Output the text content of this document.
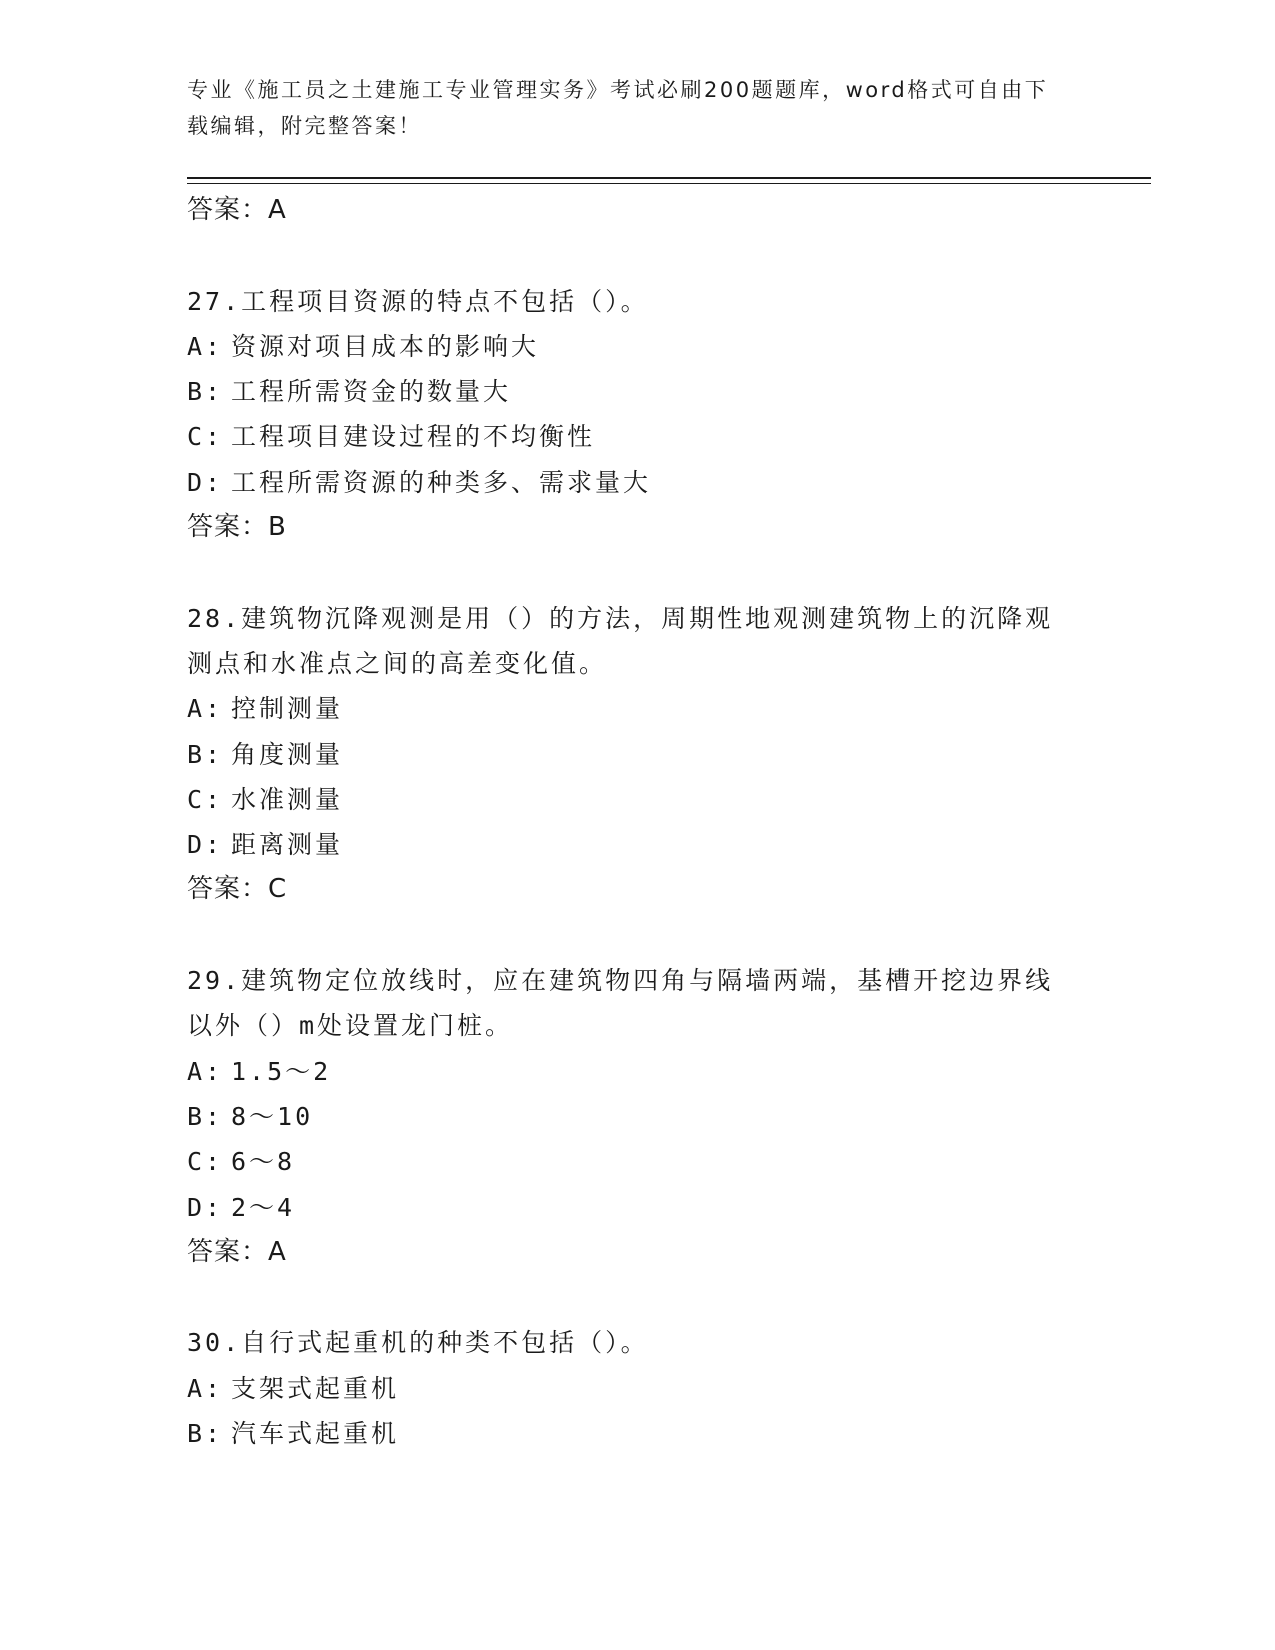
专业《施工员之土建施工专业管理实务》考试必刷200题题库，word格式可自由下载编辑，附完整答案！
答案：A
27.工程项目资源的特点不包括（）。
A: 资源对项目成本的影响大
B: 工程所需资金的数量大
C: 工程项目建设过程的不均衡性
D: 工程所需资源的种类多、需求量大
答案：B
28.建筑物沉降观测是用（）的方法，周期性地观测建筑物上的沉降观
测点和水准点之间的高差变化值。
A: 控制测量
B: 角度测量
C: 水准测量
D: 距离测量
答案：C
29.建筑物定位放线时，应在建筑物四角与隔墙两端，基槽开挖边界线
以外（）m处设置龙门桩。
A: 1.5～2
B: 8～10
C: 6～8
D: 2～4
答案：A
30.自行式起重机的种类不包括（）。
A: 支架式起重机
B: 汽车式起重机
